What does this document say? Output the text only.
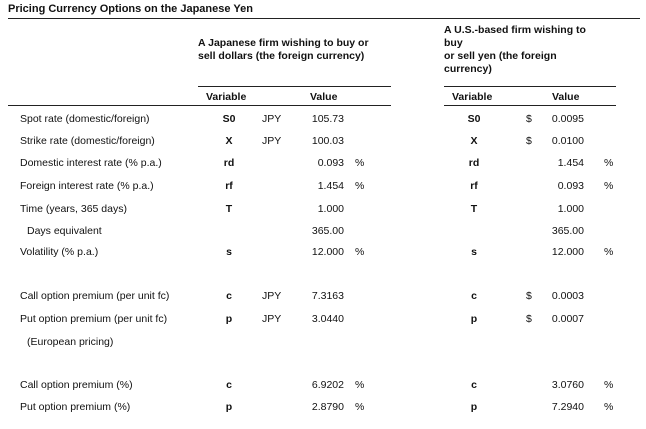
Pricing Currency Options on the Japanese Yen
A Japanese firm wishing to buy or sell dollars (the foreign currency)
A U.S.-based firm wishing to buy
or sell yen (the foreign currency)
Variable	Value	Variable	Value
Spot rate (domestic/foreign)	S0	JPY	105.73	S0	$	0.0095
Strike rate (domestic/foreign)	X	JPY	100.03	X	$	0.0100
Domestic interest rate (% p.a.)	rd	0.093 %	rd	1.454 %
Foreign interest rate (% p.a.)	rf	1.454 %	rf	0.093 %
Time (years, 365 days)	T	1.000	T	1.000
Days equivalent	365.00	365.00
Volatility (% p.a.)	s	12.000 %	s	12.000 %
Call option premium (per unit fc)	c	JPY	7.3163	c	$	0.0003
Put option premium (per unit fc)	p	JPY	3.0440	p	$	0.0007
(European pricing)
Call option premium (%)	c	6.9202 %	c	3.0760 %
Put option premium (%)	p	2.8790 %	p	7.2940 %
